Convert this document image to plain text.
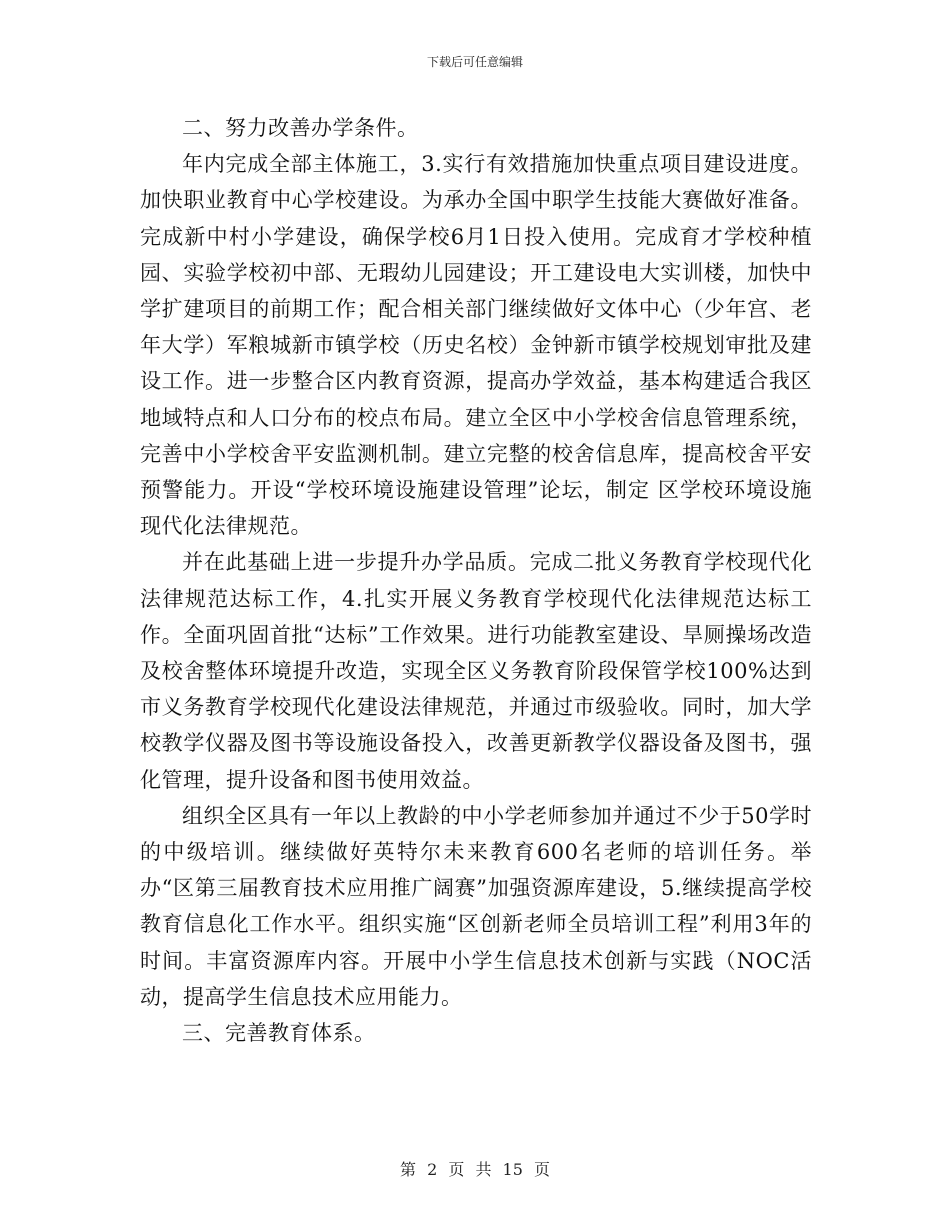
下载后可任意编辑

二、努力改善办学条件。

年内完成全部主体施工，3.实行有效措施加快重点项目建设进度。加快职业教育中心学校建设。为承办全国中职学生技能大赛做好准备。完成新中村小学建设，确保学校6月1日投入使用。完成育才学校种植园、实验学校初中部、无瑕幼儿园建设；开工建设电大实训楼，加快中学扩建项目的前期工作；配合相关部门继续做好文体中心（少年宫、老年大学）军粮城新市镇学校（历史名校）金钟新市镇学校规划审批及建设工作。进一步整合区内教育资源，提高办学效益，基本构建适合我区地域特点和人口分布的校点布局。建立全区中小学校舍信息管理系统，完善中小学校舍平安监测机制。建立完整的校舍信息库，提高校舍平安预警能力。开设“学校环境设施建设管理”论坛，制定 区学校环境设施现代化法律规范。

并在此基础上进一步提升办学品质。完成二批义务教育学校现代化法律规范达标工作，4.扎实开展义务教育学校现代化法律规范达标工作。全面巩固首批“达标”工作效果。进行功能教室建设、旱厕操场改造及校舍整体环境提升改造，实现全区义务教育阶段保管学校100%达到市义务教育学校现代化建设法律规范，并通过市级验收。同时，加大学校教学仪器及图书等设施设备投入，改善更新教学仪器设备及图书，强化管理，提升设备和图书使用效益。

组织全区具有一年以上教龄的中小学老师参加并通过不少于50学时的中级培训。继续做好英特尔未来教育600名老师的培训任务。举办“区第三届教育技术应用推广阔赛”加强资源库建设，5.继续提高学校教育信息化工作水平。组织实施“区创新老师全员培训工程”利用3年的时间。丰富资源库内容。开展中小学生信息技术创新与实践（NOC活动，提高学生信息技术应用能力。

三、完善教育体系。

第 2 页 共 15 页
